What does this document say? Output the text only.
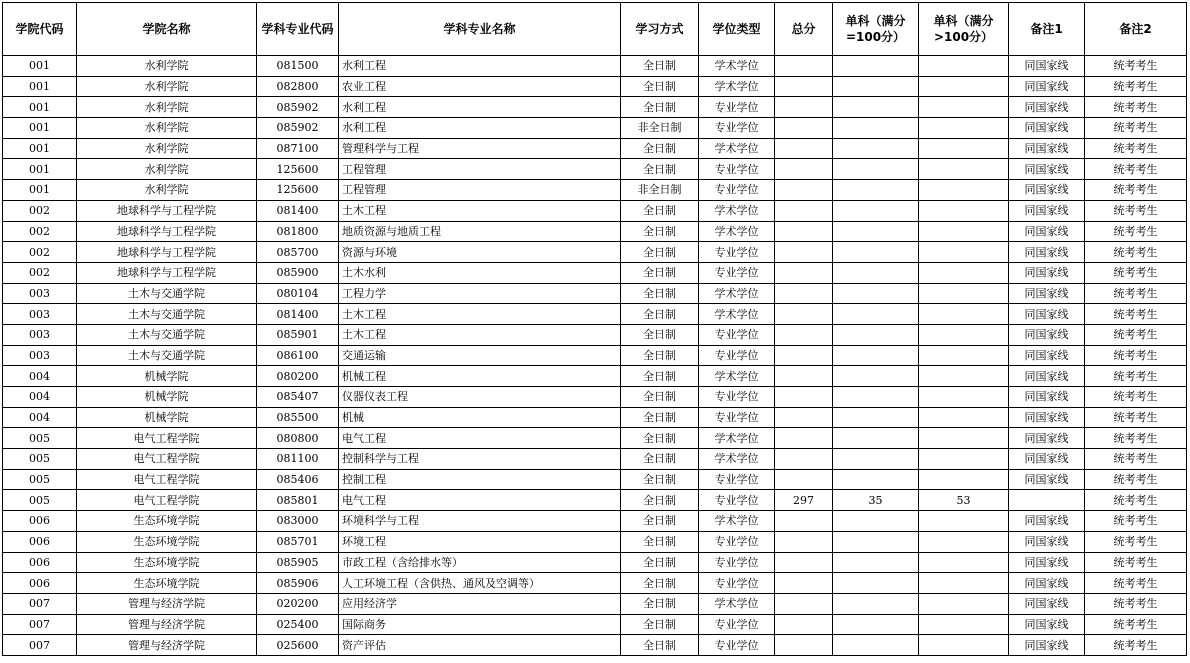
学院代码	学院名称	学科专业代码	学科专业名称	学习方式	学位类型	总分	单科（满分=100分）	单科（满分>100分）	备注1	备注2
001	水利学院	081500	水利工程	全日制	学术学位				同国家线	统考考生
001	水利学院	082800	农业工程	全日制	学术学位				同国家线	统考考生
001	水利学院	085902	水利工程	全日制	专业学位				同国家线	统考考生
001	水利学院	085902	水利工程	非全日制	专业学位				同国家线	统考考生
001	水利学院	087100	管理科学与工程	全日制	学术学位				同国家线	统考考生
001	水利学院	125600	工程管理	全日制	专业学位				同国家线	统考考生
001	水利学院	125600	工程管理	非全日制	专业学位				同国家线	统考考生
002	地球科学与工程学院	081400	土木工程	全日制	学术学位				同国家线	统考考生
002	地球科学与工程学院	081800	地质资源与地质工程	全日制	学术学位				同国家线	统考考生
002	地球科学与工程学院	085700	资源与环境	全日制	专业学位				同国家线	统考考生
002	地球科学与工程学院	085900	土木水利	全日制	专业学位				同国家线	统考考生
003	土木与交通学院	080104	工程力学	全日制	学术学位				同国家线	统考考生
003	土木与交通学院	081400	土木工程	全日制	学术学位				同国家线	统考考生
003	土木与交通学院	085901	土木工程	全日制	专业学位				同国家线	统考考生
003	土木与交通学院	086100	交通运输	全日制	专业学位				同国家线	统考考生
004	机械学院	080200	机械工程	全日制	学术学位				同国家线	统考考生
004	机械学院	085407	仪器仪表工程	全日制	专业学位				同国家线	统考考生
004	机械学院	085500	机械	全日制	专业学位				同国家线	统考考生
005	电气工程学院	080800	电气工程	全日制	学术学位				同国家线	统考考生
005	电气工程学院	081100	控制科学与工程	全日制	学术学位				同国家线	统考考生
005	电气工程学院	085406	控制工程	全日制	专业学位				同国家线	统考考生
005	电气工程学院	085801	电气工程	全日制	专业学位	297	35	53		统考考生
006	生态环境学院	083000	环境科学与工程	全日制	学术学位				同国家线	统考考生
006	生态环境学院	085701	环境工程	全日制	专业学位				同国家线	统考考生
006	生态环境学院	085905	市政工程（含给排水等）	全日制	专业学位				同国家线	统考考生
006	生态环境学院	085906	人工环境工程（含供热、通风及空调等）	全日制	专业学位				同国家线	统考考生
007	管理与经济学院	020200	应用经济学	全日制	学术学位				同国家线	统考考生
007	管理与经济学院	025400	国际商务	全日制	专业学位				同国家线	统考考生
007	管理与经济学院	025600	资产评估	全日制	专业学位				同国家线	统考考生
